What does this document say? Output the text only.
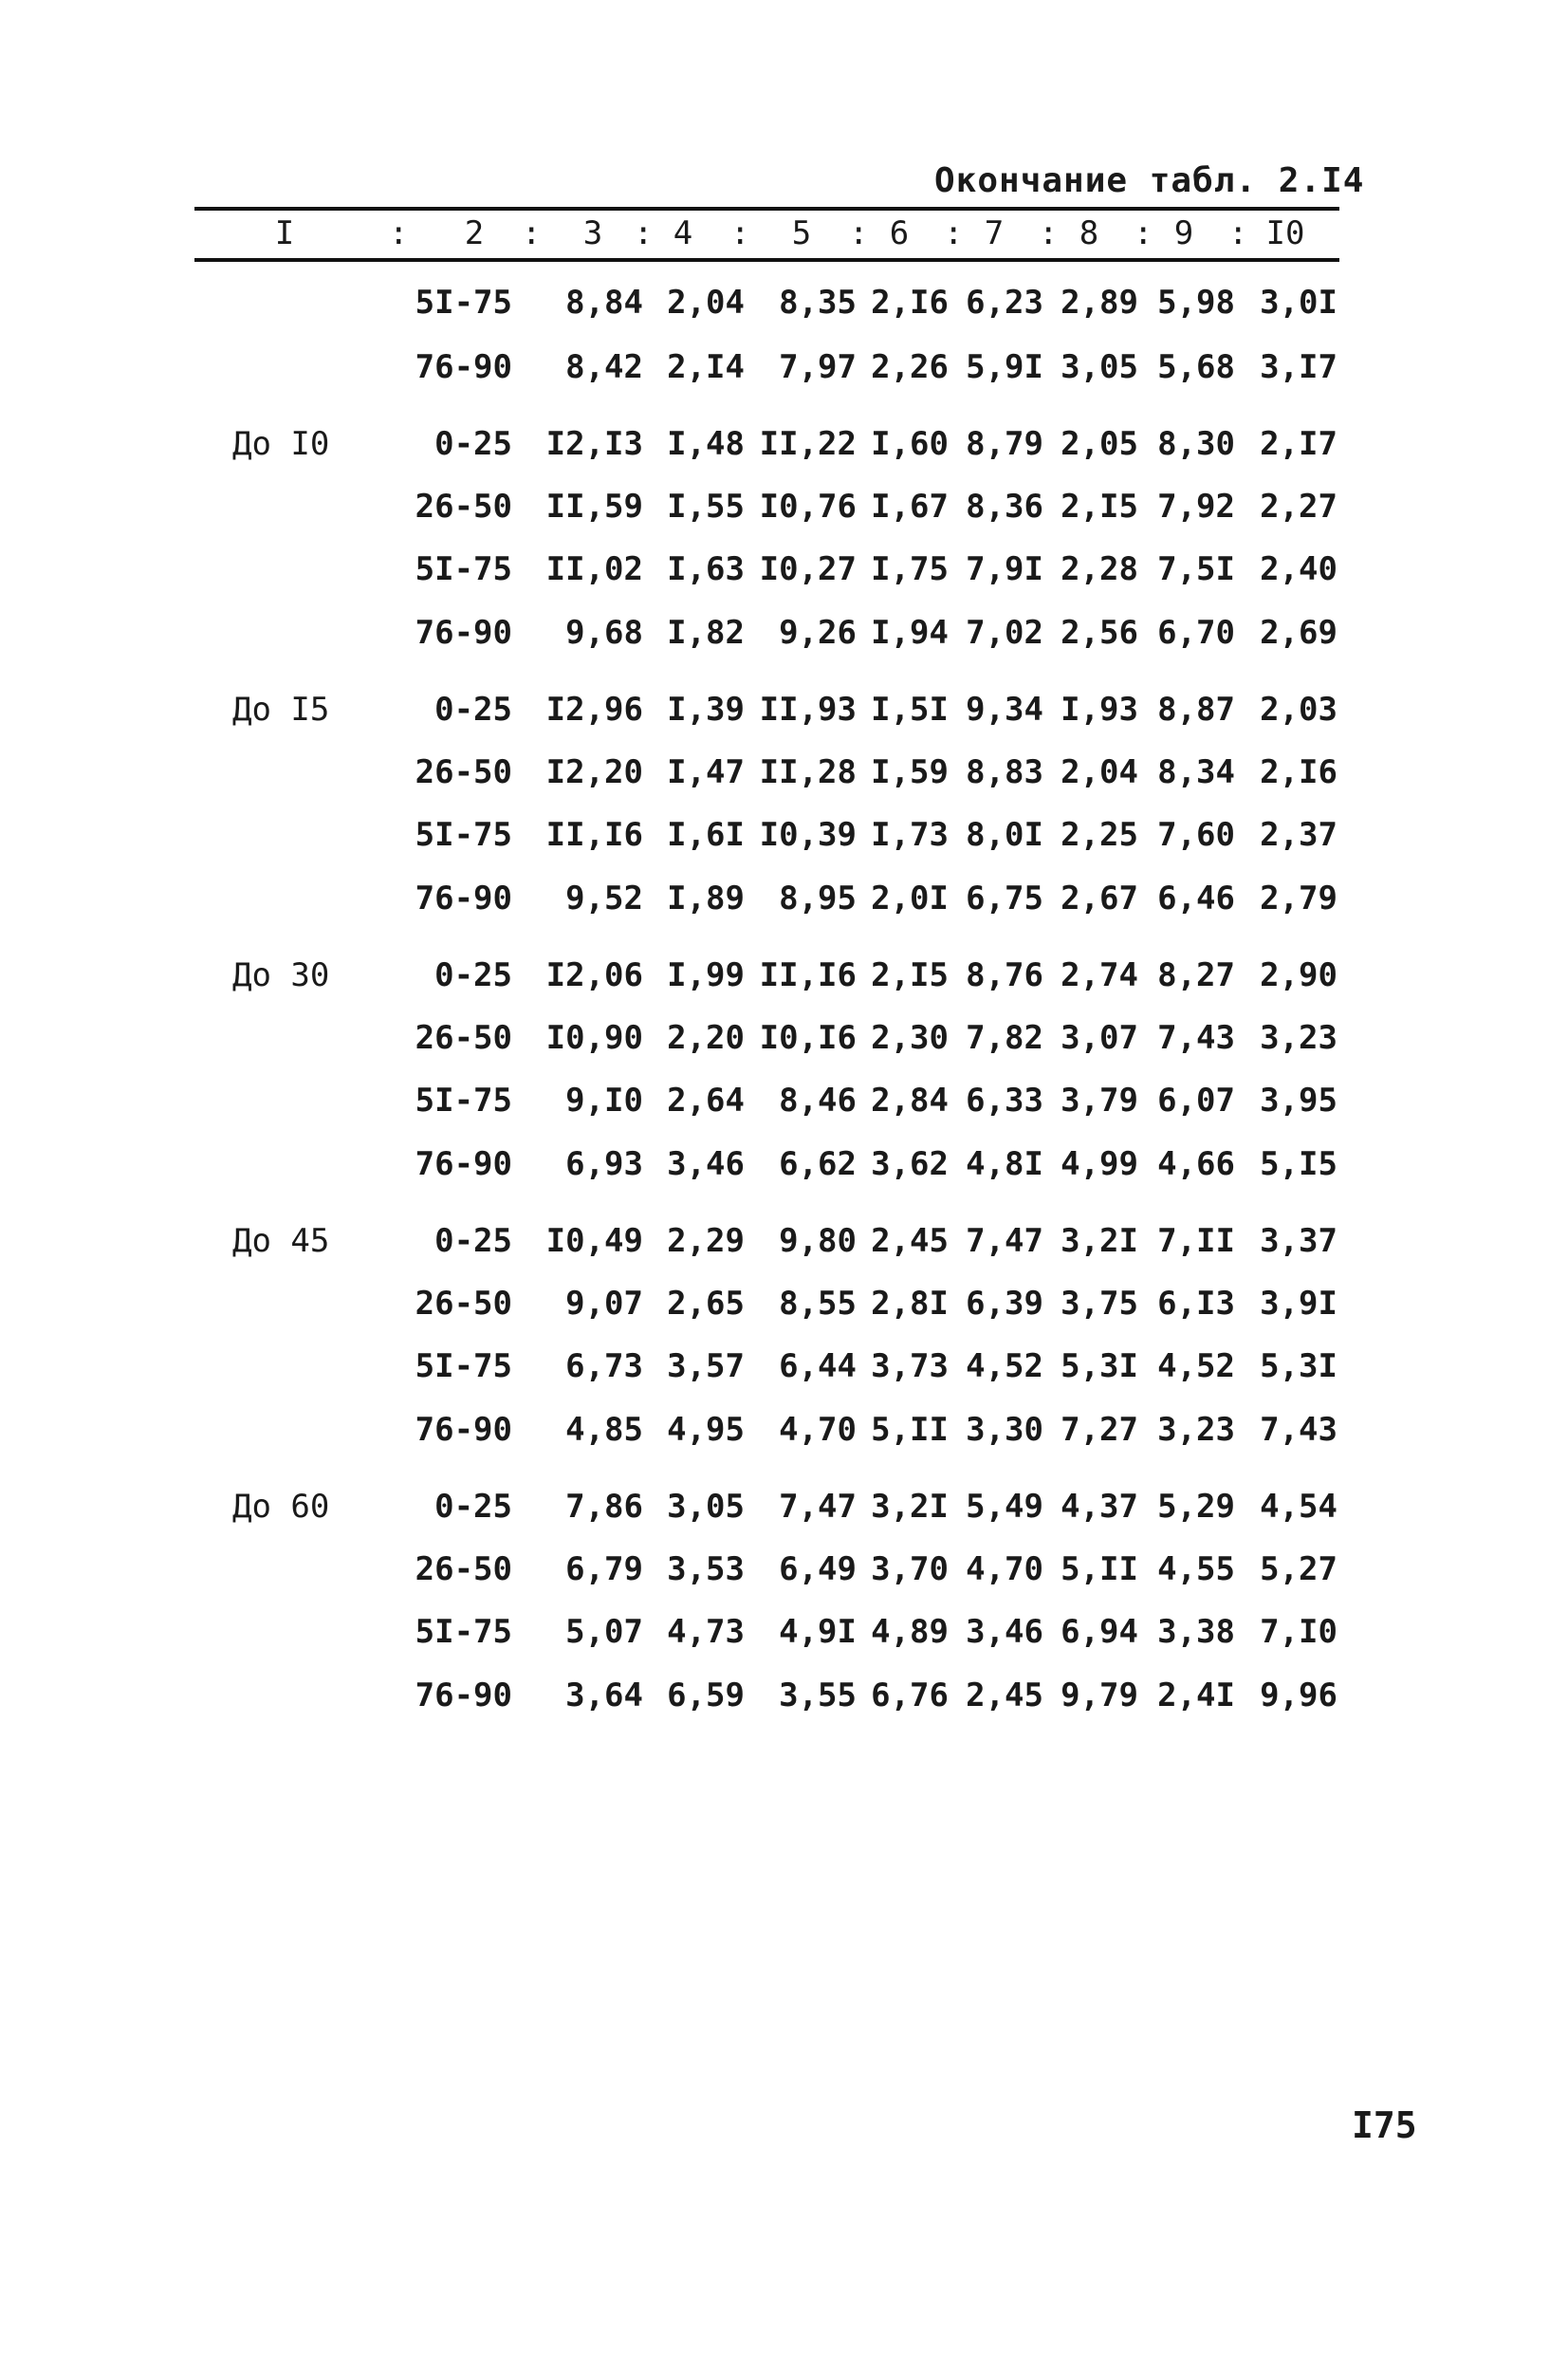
Окончание табл. 2.I4
I	2	3	4	5	6	7	8	9	I0
:	:	: :	: : : : :
5I-75 8,84 2,04 8,35 2,I6 6,23 2,89 5,98 3,0I
76-90 8,42 2,I4 7,97 2,26 5,9I 3,05 5,68 3,I7
До I0	0-25 I2,I3 I,48 II,22 I,60 8,79 2,05 8,30 2,I7
26-50 II,59 I,55 I0,76 I,67 8,36 2,I5 7,92 2,27
5I-75 II,02 I,63 I0,27 I,75 7,9I 2,28 7,5I 2,40
76-90 9,68 I,82 9,26 I,94 7,02 2,56 6,70 2,69
До I5	0-25 I2,96 I,39 II,93 I,5I 9,34 I,93 8,87 2,03
26-50 I2,20 I,47 II,28 I,59 8,83 2,04 8,34 2,I6
5I-75 II,I6 I,6I I0,39 I,73 8,0I 2,25 7,60 2,37
76-90 9,52 I,89 8,95 2,0I 6,75 2,67 6,46 2,79
До 30	0-25 I2,06 I,99 II,I6 2,I5 8,76 2,74 8,27 2,90
26-50 I0,90 2,20 I0,I6 2,30 7,82 3,07 7,43 3,23
5I-75 9,I0 2,64 8,46 2,84 6,33 3,79 6,07 3,95
76-90 6,93 3,46 6,62 3,62 4,8I 4,99 4,66 5,I5
До 45	0-25 I0,49 2,29 9,80 2,45 7,47 3,2I 7,II 3,37
26-50 9,07 2,65 8,55 2,8I 6,39 3,75 6,I3 3,9I
5I-75 6,73 3,57 6,44 3,73 4,52 5,3I 4,52 5,3I
76-90 4,85 4,95 4,70 5,II 3,30 7,27 3,23 7,43
До 60	0-25 7,86 3,05 7,47 3,2I 5,49 4,37 5,29 4,54
26-50 6,79 3,53 6,49 3,70 4,70 5,II 4,55 5,27
5I-75 5,07 4,73 4,9I 4,89 3,46 6,94 3,38 7,I0
76-90 3,64 6,59 3,55 6,76 2,45 9,79 2,4I 9,96
I75
